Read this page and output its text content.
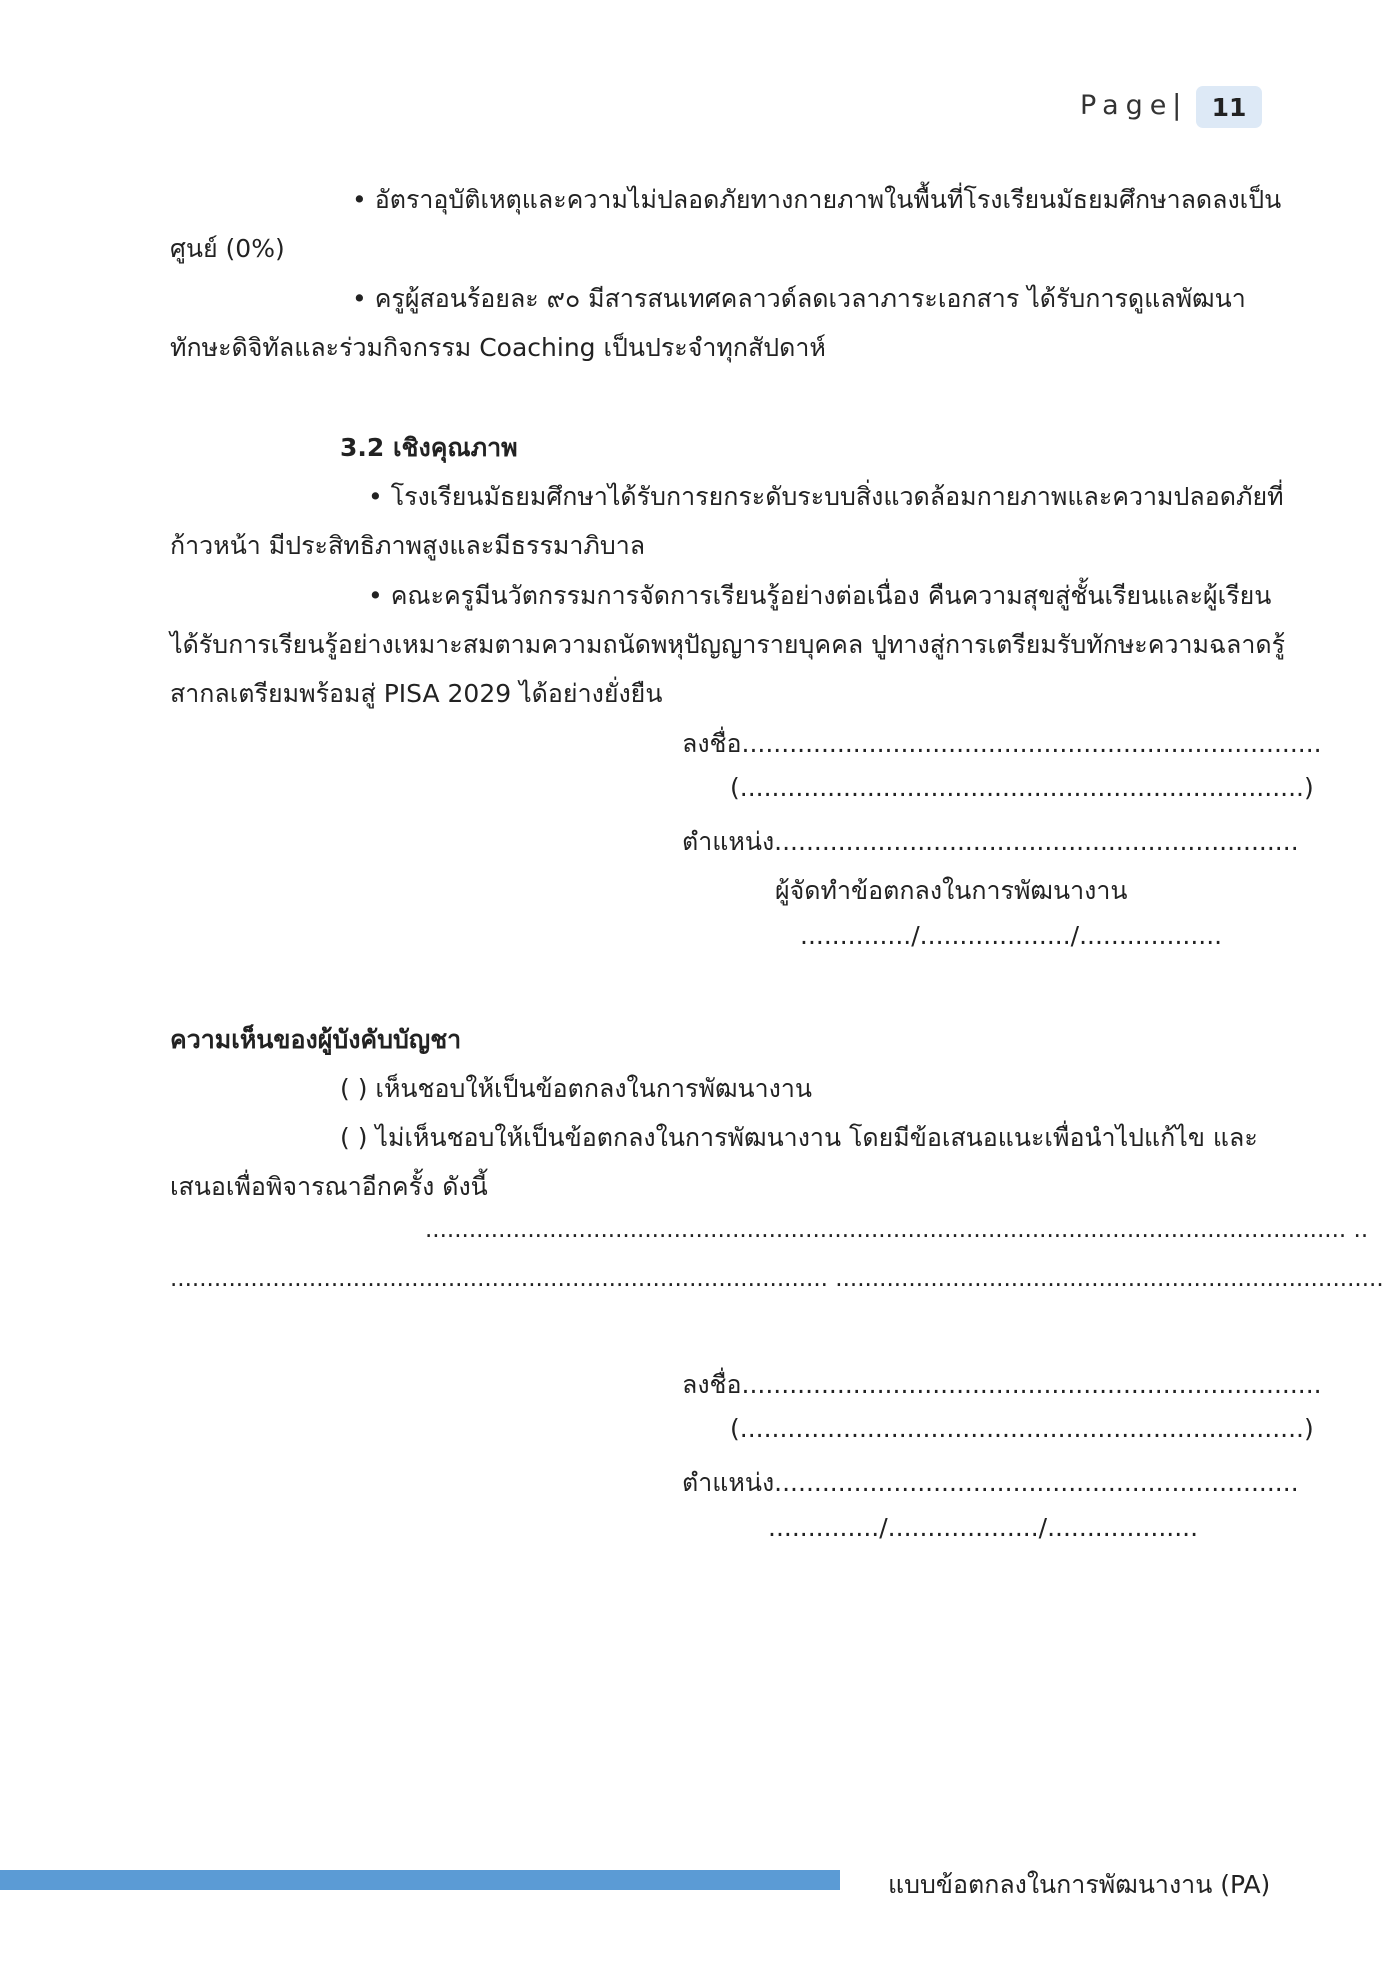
Page
|	11
• อัตราอุบัติเหตุและความไม่ปลอดภัยทางกายภาพในพื้นที่โรงเรียนมัธยมศึกษาลดลงเป็น
ศูนย์ (0%)
• ครูผู้สอนร้อยละ ๙๐ มีสารสนเทศคลาวด์ลดเวลาภาระเอกสาร ได้รับการดูแลพัฒนา
ทักษะดิจิทัลและร่วมกิจกรรม Coaching เป็นประจำทุกสัปดาห์
3.2 เชิงคุณภาพ
• โรงเรียนมัธยมศึกษาได้รับการยกระดับระบบสิ่งแวดล้อมกายภาพและความปลอดภัยที่
ก้าวหน้า มีประสิทธิภาพสูงและมีธรรมาภิบาล
• คณะครูมีนวัตกรรมการจัดการเรียนรู้อย่างต่อเนื่อง คืนความสุขสู่ชั้นเรียนและผู้เรียน
ได้รับการเรียนรู้อย่างเหมาะสมตามความถนัดพหุปัญญารายบุคคล ปูทางสู่การเตรียมรับทักษะความฉลาดรู้
สากลเตรียมพร้อมสู่ PISA 2029 ได้อย่างยั่งยืน
ลงชื่อ.........................................................................
(.......................................................................)
ตำแหน่ง..................................................................
ผู้จัดทำข้อตกลงในการพัฒนางาน
............../.................../..................
ความเห็นของผู้บังคับบัญชา
( ) เห็นชอบให้เป็นข้อตกลงในการพัฒนางาน
( ) ไม่เห็นชอบให้เป็นข้อตกลงในการพัฒนางาน โดยมีข้อเสนอแนะเพื่อนำไปแก้ไข และ
เสนอเพื่อพิจารณาอีกครั้ง ดังนี้
.............................................................................................................................. ..
.......................................................................................... ...........................................................................
ลงชื่อ.........................................................................
(.......................................................................)
ตำแหน่ง..................................................................
............../.................../...................
แบบข้อตกลงในการพัฒนางาน (PA)
